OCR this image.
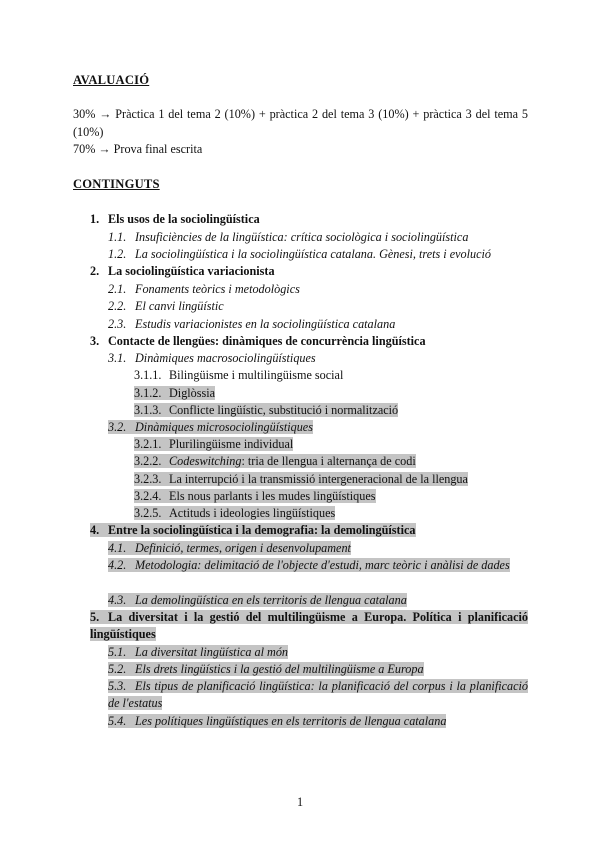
AVALUACIÓ
30% → Pràctica 1 del tema 2 (10%) + pràctica 2 del tema 3 (10%) + pràctica 3 del tema 5 (10%)
70% → Prova final escrita
CONTINGUTS
1. Els usos de la sociolingüística
1.1. Insuficiències de la lingüística: crítica sociològica i sociolingüística
1.2. La sociolingüística i la sociolingüística catalana. Gènesi, trets i evolució
2. La sociolingüística variacionista
2.1. Fonaments teòrics i metodològics
2.2. El canvi lingüístic
2.3. Estudis variacionistes en la sociolingüística catalana
3. Contacte de llengües: dinàmiques de concurrència lingüística
3.1. Dinàmiques macrosociolingüístiques
3.1.1. Bilingüisme i multilingüisme social
3.1.2. Diglòssia
3.1.3. Conflicte lingüístic, substitució i normalització
3.2. Dinàmiques microsociolingüístiques
3.2.1. Plurilingüisme individual
3.2.2. Codeswitching: tria de llengua i alternança de codi
3.2.3. La interrupció i la transmissió intergeneracional de la llengua
3.2.4. Els nous parlants i les mudes lingüístiques
3.2.5. Actituds i ideologies lingüístiques
4. Entre la sociolingüística i la demografia: la demolingüística
4.1. Definició, termes, origen i desenvolupament
4.2. Metodologia: delimitació de l'objecte d'estudi, marc teòric i anàlisi de dades
4.3. La demolingüística en els territoris de llengua catalana
5. La diversitat i la gestió del multilingüisme a Europa. Política i planificació lingüístiques
5.1. La diversitat lingüística al món
5.2. Els drets lingüístics i la gestió del multilingüisme a Europa
5.3. Els tipus de planificació lingüística: la planificació del corpus i la planificació de l'estatus
5.4. Les polítiques lingüístiques en els territoris de llengua catalana
1
